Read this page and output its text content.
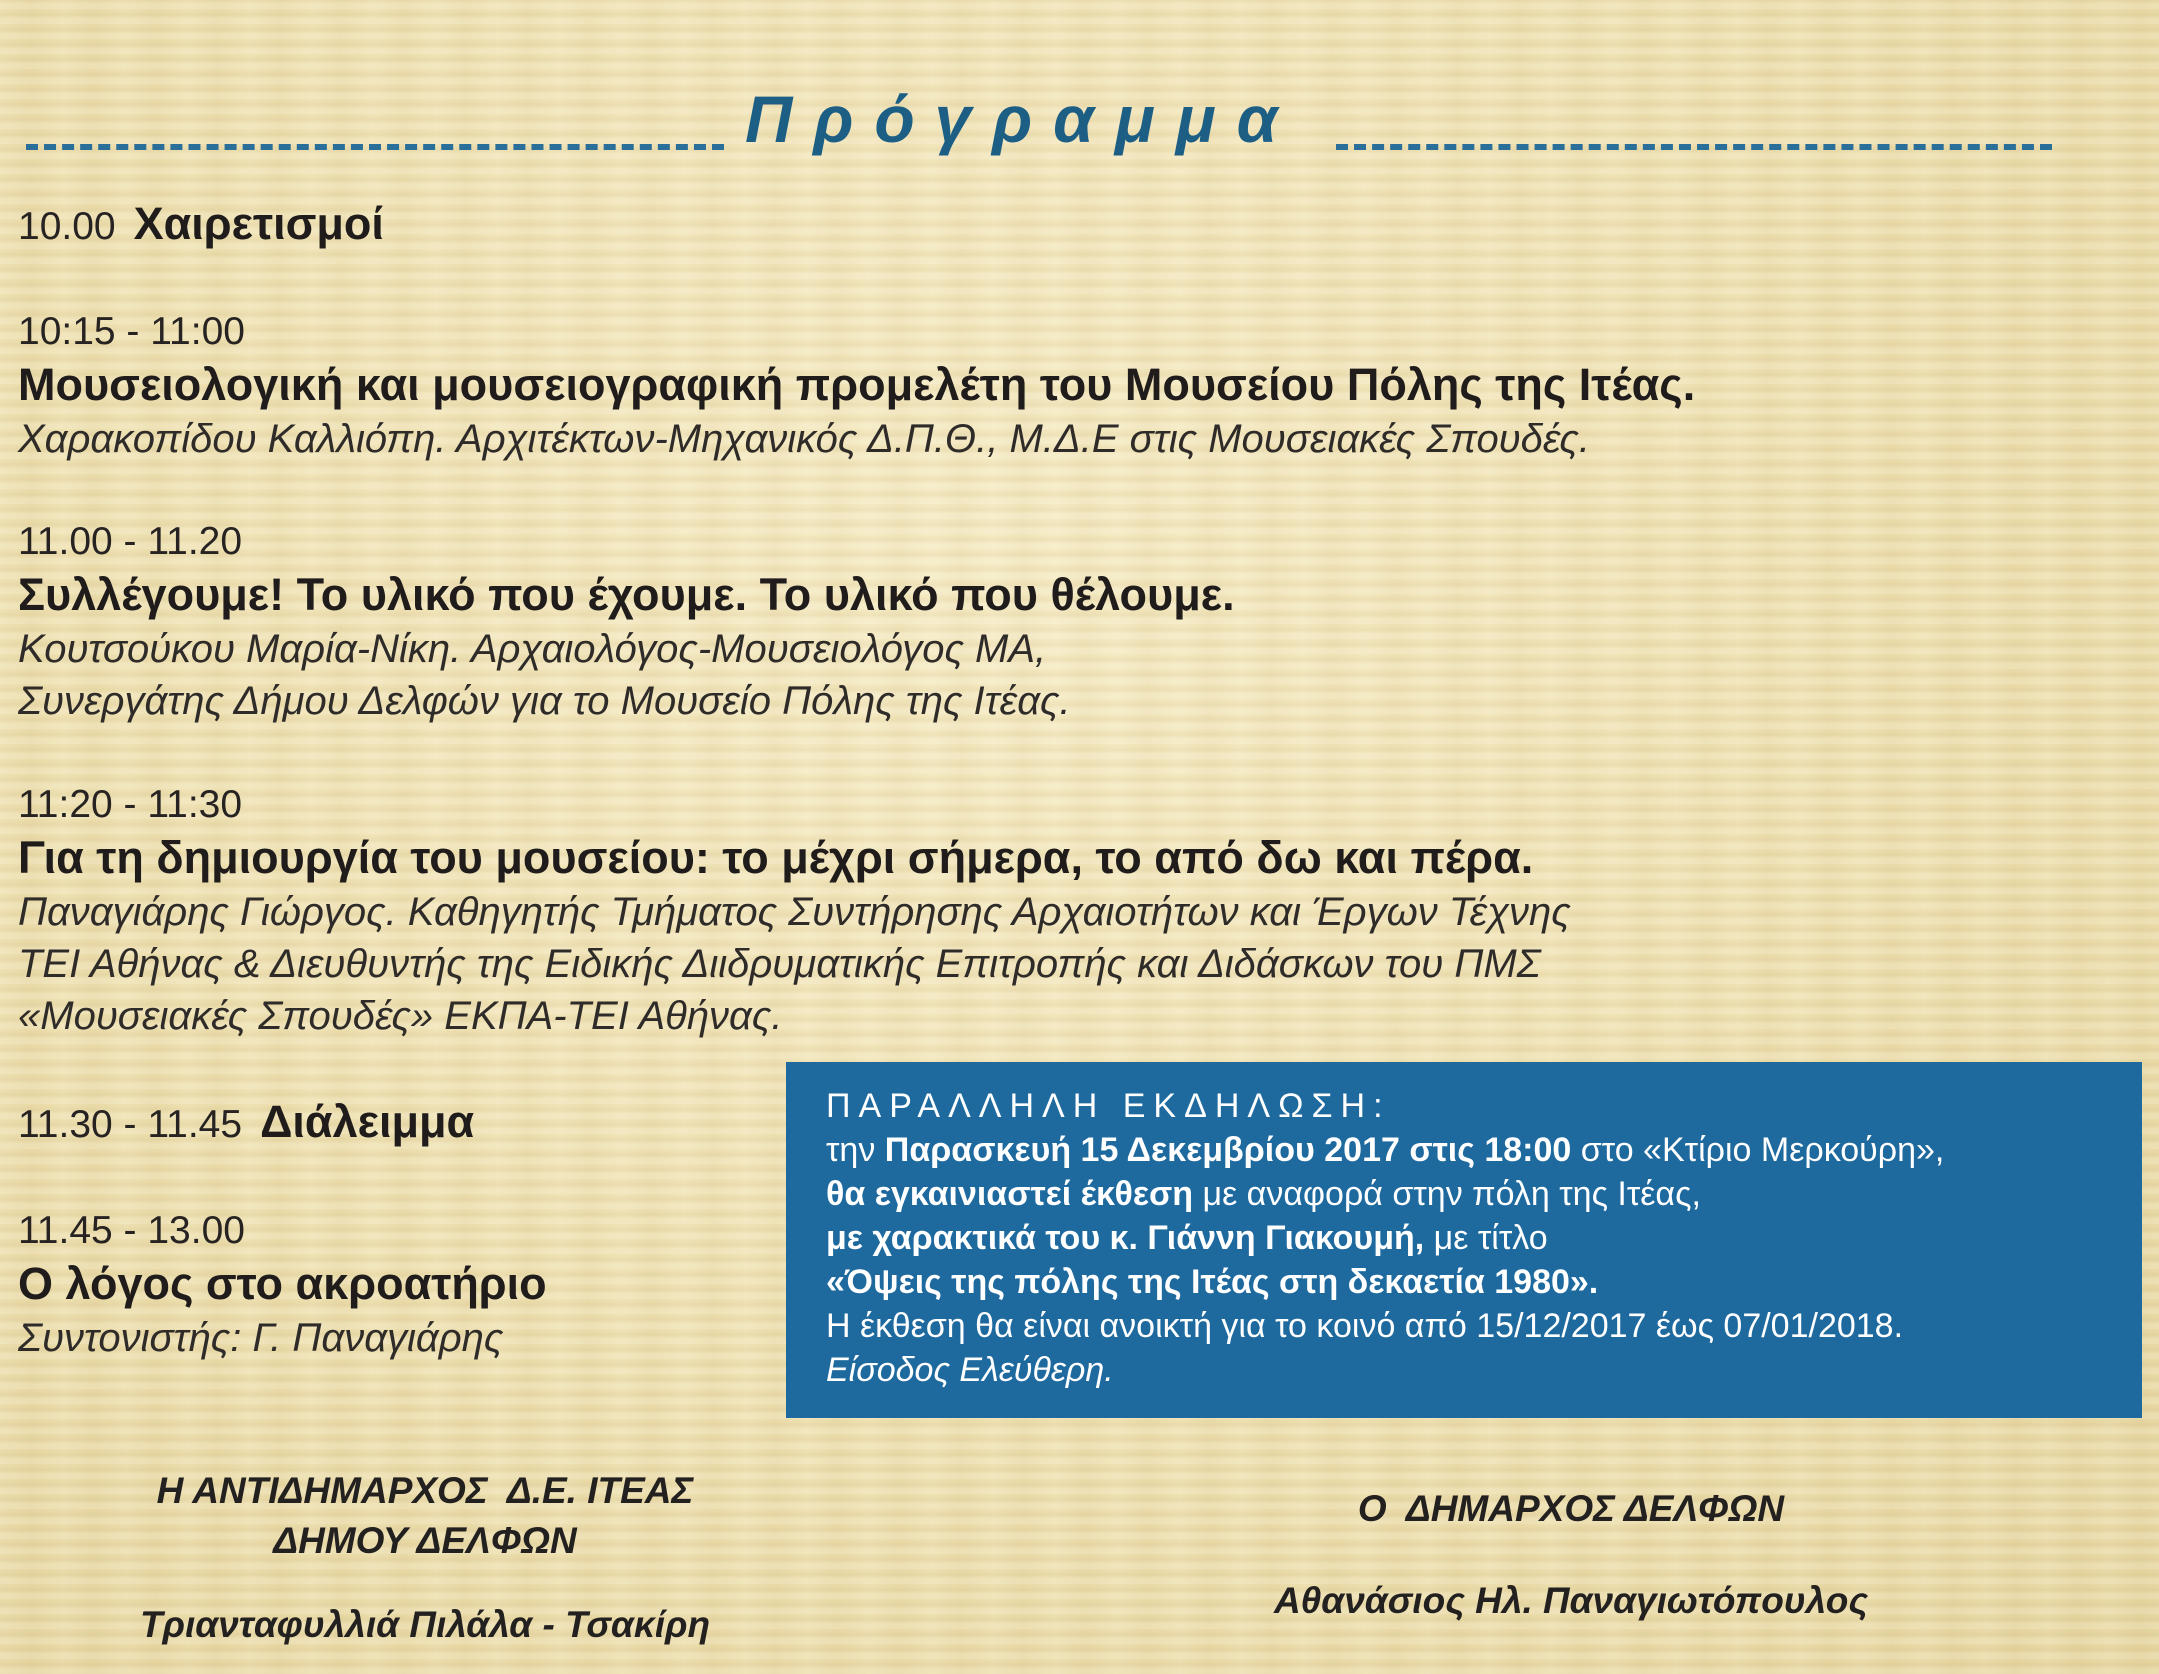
Πρόγραμμα
10.00 Χαιρετισμοί
10:15 - 11:00
Μουσειολογική και μουσειογραφική προμελέτη του Μουσείου Πόλης της Ιτέας.
Χαρακοπίδου Καλλιόπη. Αρχιτέκτων-Μηχανικός Δ.Π.Θ., Μ.Δ.Ε στις Μουσειακές Σπουδές.
11.00 - 11.20
Συλλέγουμε! Το υλικό που έχουμε. Το υλικό που θέλουμε.
Κουτσούκου Μαρία-Νίκη. Αρχαιολόγος-Μουσειολόγος ΜΑ,
Συνεργάτης Δήμου Δελφών για το Μουσείο Πόλης της Ιτέας.
11:20 - 11:30
Για τη δημιουργία του μουσείου: το μέχρι σήμερα, το από δω και πέρα.
Παναγιάρης Γιώργος. Καθηγητής Τμήματος Συντήρησης Αρχαιοτήτων και Έργων Τέχνης
ΤΕΙ Αθήνας & Διευθυντής της Ειδικής Διιδρυματικής Επιτροπής και Διδάσκων του ΠΜΣ
«Μουσειακές Σπουδές» ΕΚΠΑ-ΤΕΙ Αθήνας.
11.30 - 11.45 Διάλειμμα
11.45 - 13.00
Ο λόγος στο ακροατήριο
Συντονιστής: Γ. Παναγιάρης
ΠΑΡΑΛΛΗΛΗ ΕΚΔΗΛΩΣΗ:
την Παρασκευή 15 Δεκεμβρίου 2017 στις 18:00 στο «Κτίριο Μερκούρη»,
θα εγκαινιαστεί έκθεση με αναφορά στην πόλη της Ιτέας,
με χαρακτικά του κ. Γιάννη Γιακουμή, με τίτλο
«Όψεις της πόλης της Ιτέας στη δεκαετία 1980».
Η έκθεση θα είναι ανοικτή για το κοινό από 15/12/2017 έως 07/01/2018.
Είσοδος Ελεύθερη.
Η ΑΝΤΙΔΗΜΑΡΧΟΣ  Δ.Ε. ΙΤΕΑΣ
ΔΗΜΟΥ ΔΕΛΦΩΝ
Τριανταφυλλιά Πιλάλα - Τσακίρη
Ο  ΔΗΜΑΡΧΟΣ ΔΕΛΦΩΝ
Αθανάσιος Ηλ. Παναγιωτόπουλος
